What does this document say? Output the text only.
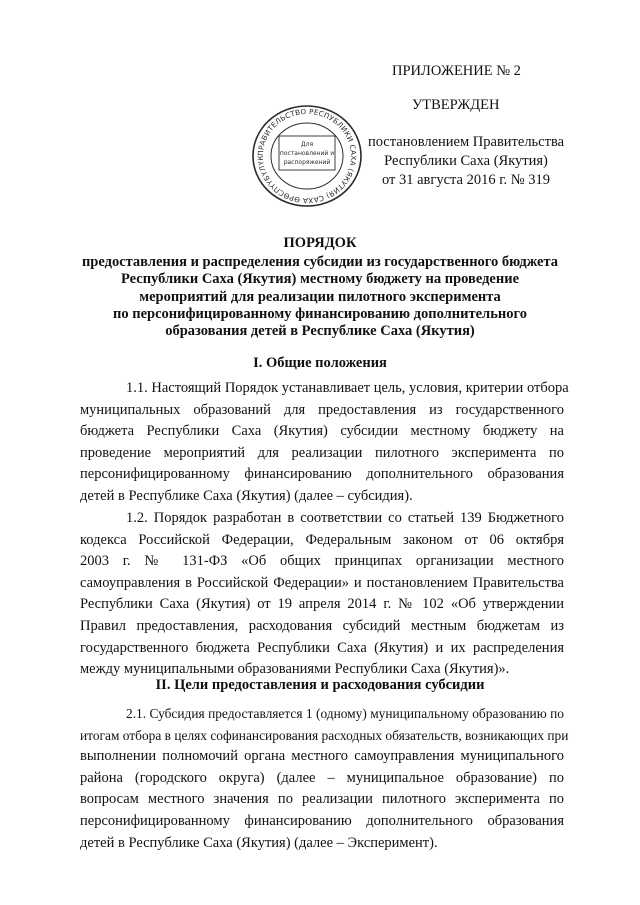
ПРИЛОЖЕНИЕ № 2
УТВЕРЖДЕН
ПРАВИТЕЛЬСТВО РЕСПУБЛИКИ САХА (ЯКУТИЯ) САХА ӨРӨСПҮҮБҮЛҮК
Для
постановлений и
распоряжений
постановлением Правительства
Республики Саха (Якутия)
от 31 августа 2016 г. № 319
ПОРЯДОК
предоставления и распределения субсидии из государственного бюджета
Республики Саха (Якутия) местному бюджету на проведение
мероприятий для реализации пилотного эксперимента
по персонифицированному финансированию дополнительного
образования детей в Республике Саха (Якутия)
I. Общие положения
1.1. Настоящий Порядок устанавливает цель, условия, критерии отбора
муниципальных образований для предоставления из государственного
бюджета Республики Саха (Якутия) субсидии местному бюджету на
проведение мероприятий для реализации пилотного эксперимента по
персонифицированному финансированию дополнительного образования
детей в Республике Саха (Якутия) (далее – субсидия).
1.2. Порядок разработан в соответствии со статьей 139 Бюджетного
кодекса Российской Федерации, Федеральным законом от 06 октября
2003 г. № 131-ФЗ «Об общих принципах организации местного
самоуправления в Российской Федерации» и постановлением Правительства
Республики Саха (Якутия) от 19 апреля 2014 г. № 102 «Об утверждении
Правил предоставления, расходования субсидий местным бюджетам из
государственного бюджета Республики Саха (Якутия) и их распределения
между муниципальными образованиями Республики Саха (Якутия)».
II. Цели предоставления и расходования субсидии
2.1. Субсидия предоставляется 1 (одному) муниципальному образованию по
итогам отбора в целях софинансирования расходных обязательств, возникающих при
выполнении полномочий органа местного самоуправления муниципального
района (городского округа) (далее – муниципальное образование) по
вопросам местного значения по реализации пилотного эксперимента по
персонифицированному финансированию дополнительного образования
детей в Республике Саха (Якутия) (далее – Эксперимент).
